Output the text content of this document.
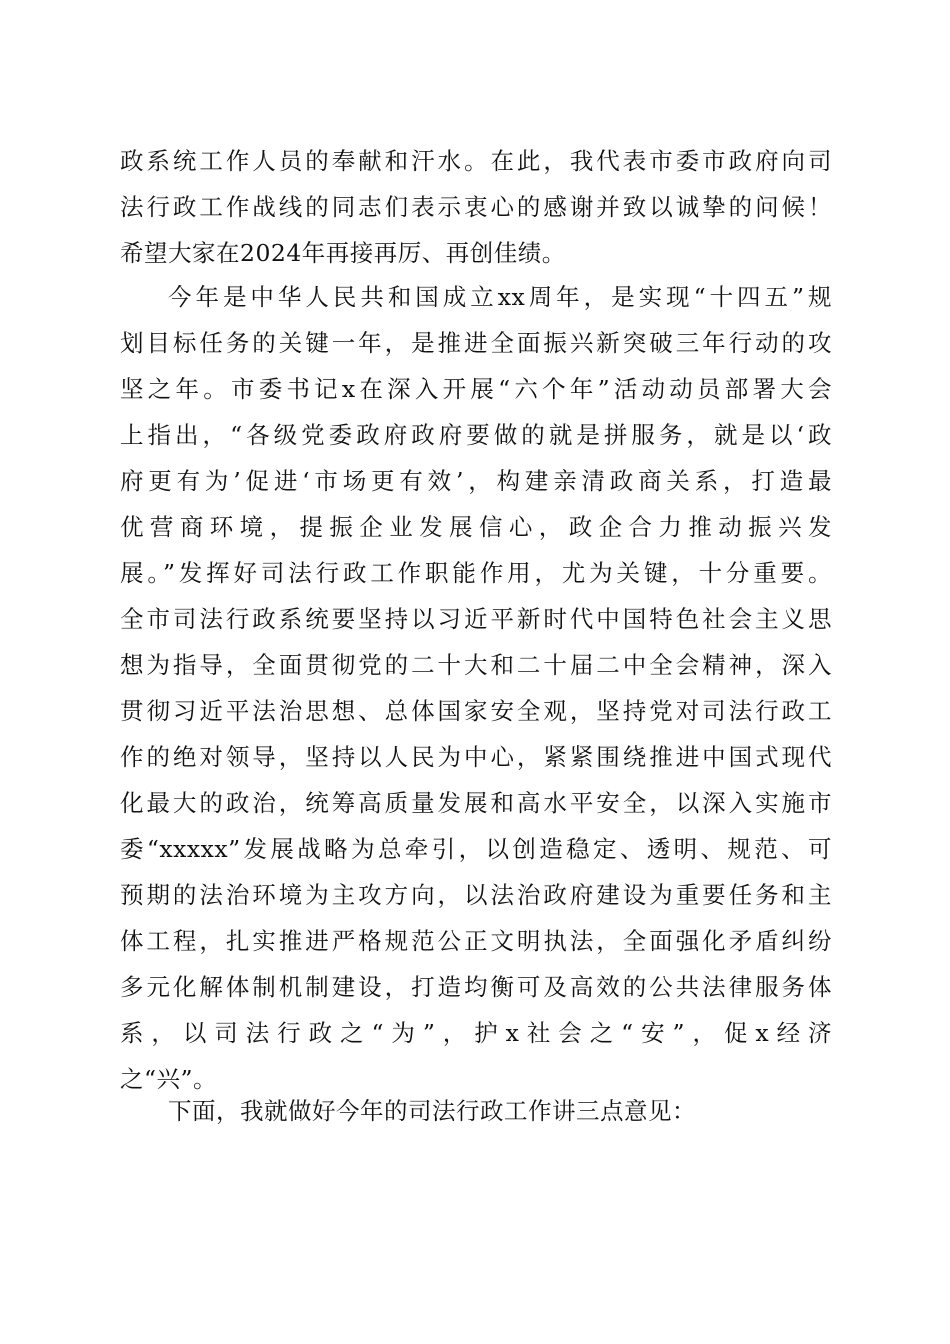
政系统工作人员的奉献和汗水。在此，我代表市委市政府向司
法行政工作战线的同志们表示衷心的感谢并致以诚挚的问候！
希望大家在2024年再接再厉、再创佳绩。
今年是中华人民共和国成立xx周年，是实现“十四五”规
划目标任务的关键一年，是推进全面振兴新突破三年行动的攻
坚之年。市委书记x在深入开展“六个年”活动动员部署大会
上指出，“各级党委政府政府要做的就是拼服务，就是以‘政
府更有为’促进‘市场更有效’，构建亲清政商关系，打造最
优营商环境，提振企业发展信心，政企合力推动振兴发
展。”发挥好司法行政工作职能作用，尤为关键，十分重要。
全市司法行政系统要坚持以习近平新时代中国特色社会主义思
想为指导，全面贯彻党的二十大和二十届二中全会精神，深入
贯彻习近平法治思想、总体国家安全观，坚持党对司法行政工
作的绝对领导，坚持以人民为中心，紧紧围绕推进中国式现代
化最大的政治，统筹高质量发展和高水平安全，以深入实施市
委“xxxxx”发展战略为总牵引，以创造稳定、透明、规范、可
预期的法治环境为主攻方向，以法治政府建设为重要任务和主
体工程，扎实推进严格规范公正文明执法，全面强化矛盾纠纷
多元化解体制机制建设，打造均衡可及高效的公共法律服务体
系，以司法行政之“为”，护x社会之“安”，促x经济
之“兴”。
下面，我就做好今年的司法行政工作讲三点意见：
